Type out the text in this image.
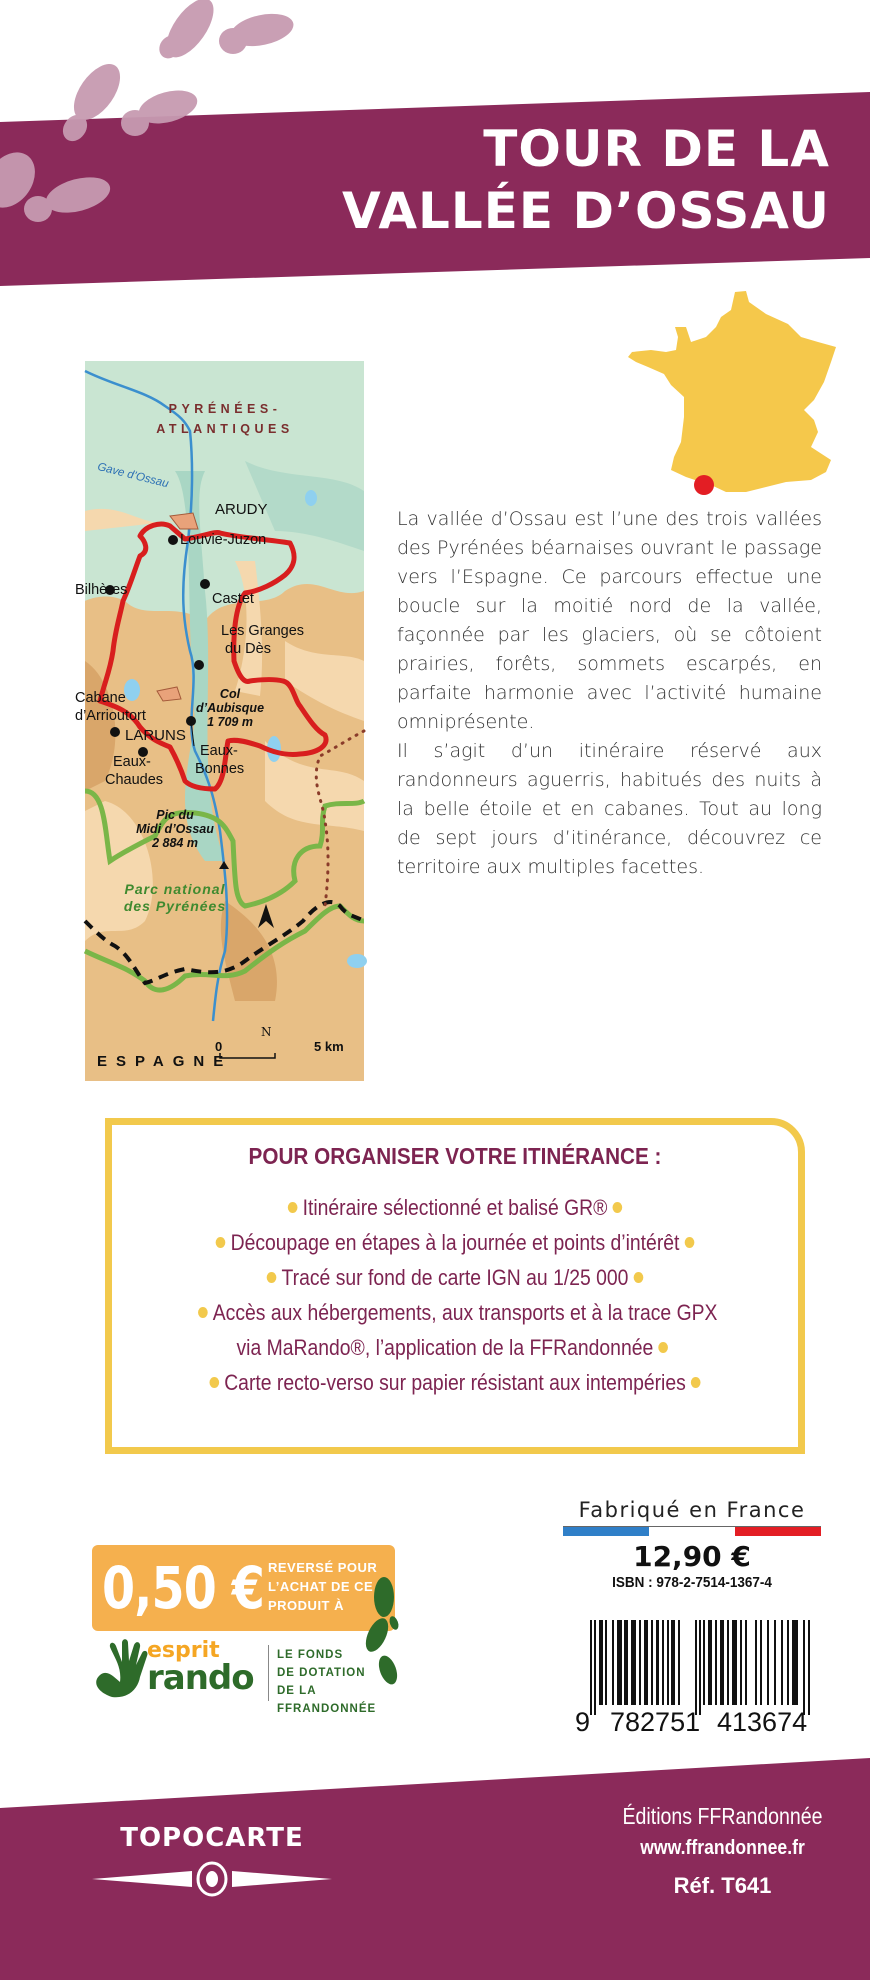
TOUR DE LA
VALLÉE D’OSSAU
PYRÉNÉES-
ATLANTIQUES
Gave d’Ossau
ARUDY
Louvie-Juzon
Bilhères
Castet
Les Granges
du Dès
Cabane
d’Arrioutort
LARUNS
Eaux-
Chaudes
Eaux-
Bonnes
Col
d’Aubisque
1 709 m
Pic du
Midi d’Ossau
2 884 m
Parc national
des Pyrénées
ESPAGNE
N
0	5 km

La vallée d’Ossau est l’une des trois vallées des Pyrénées béarnaises ouvrant le passage vers l’Espagne. Ce parcours effectue une boucle sur la moitié nord de la vallée, façonnée par les glaciers, où se côtoient prairies, forêts, sommets escarpés, en parfaite harmonie avec l’activité humaine omniprésente.

Il s’agit d’un itinéraire réservé aux randonneurs aguerris, habitués des nuits à la belle étoile et en cabanes. Tout au long de sept jours d’itinérance, découvrez ce territoire aux multiples facettes.

POUR ORGANISER VOTRE ITINÉRANCE :
Itinéraire sélectionné et balisé GR®
Découpage en étapes à la journée et points d’intérêt
Tracé sur fond de carte IGN au 1/25 000
Accès aux hébergements, aux transports et à la trace GPX
via MaRando®, l’application de la FFRandonnée
Carte recto-verso sur papier résistant aux intempéries
0,50 € REVERSÉ POUR
L’ACHAT DE CE
PRODUIT À
esprit
rando
LE FONDS
DE DOTATION
DE LA FFRANDONNÉE
Fabriqué en France
12,90 €
ISBN : 978-2-7514-1367-4
9 782751 413674
TOPOCARTE
Éditions FFRandonnée
www.ffrandonnee.fr
Réf. T641
